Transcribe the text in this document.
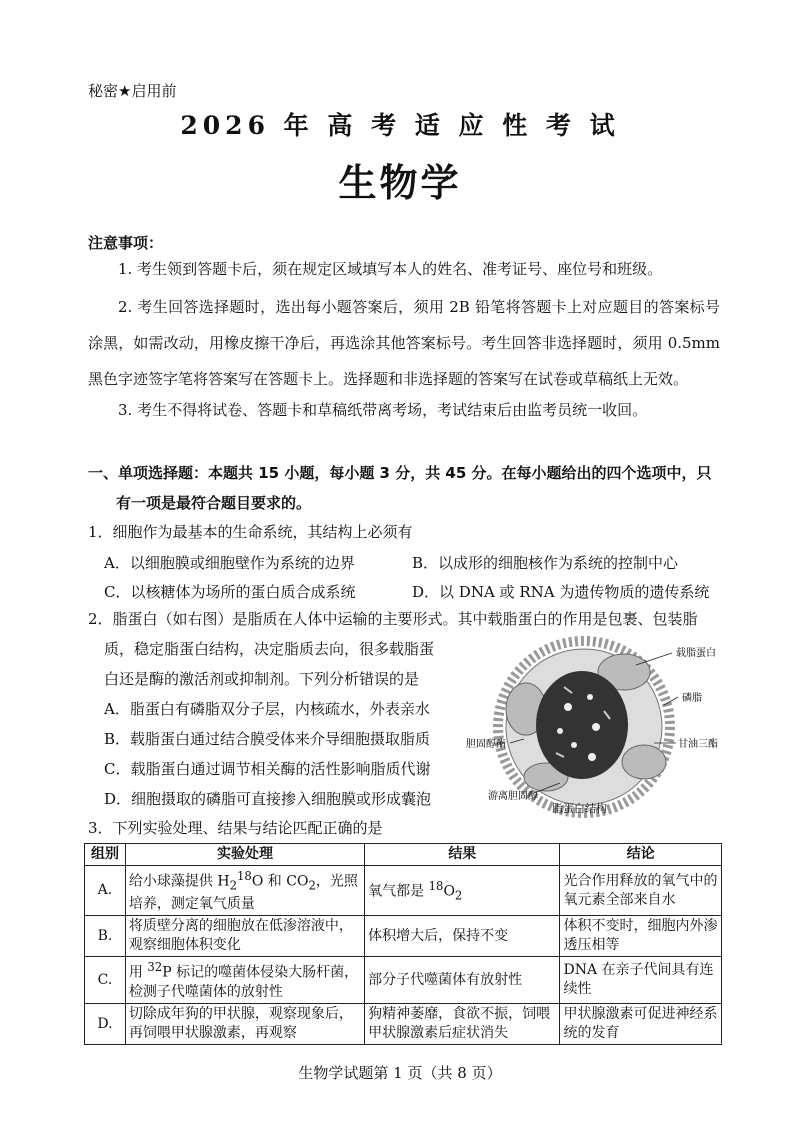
秘密★启用前
2026 年 高 考 适 应 性 考 试
生物学
注意事项：
1. 考生领到答题卡后，须在规定区域填写本人的姓名、准考证号、座位号和班级。
2. 考生回答选择题时，选出每小题答案后，须用 2B 铅笔将答题卡上对应题目的答案标号涂黑，如需改动，用橡皮擦干净后，再选涂其他答案标号。考生回答非选择题时，须用 0.5mm 黑色字迹签字笔将答案写在答题卡上。选择题和非选择题的答案写在试卷或草稿纸上无效。
3. 考生不得将试卷、答题卡和草稿纸带离考场，考试结束后由监考员统一收回。
一、单项选择题：本题共 15 小题，每小题 3 分，共 45 分。在每小题给出的四个选项中，只
有一项是最符合题目要求的。
1．细胞作为最基本的生命系统，其结构上必须有
A．以细胞膜或细胞壁作为系统的边界	B．以成形的细胞核作为系统的控制中心
C．以核糖体为场所的蛋白质合成系统	D．以 DNA 或 RNA 为遗传物质的遗传系统
2．脂蛋白（如右图）是脂质在人体中运输的主要形式。其中载脂蛋白的作用是包裹、包装脂
质，稳定脂蛋白结构，决定脂质去向，很多载脂蛋
白还是酶的激活剂或抑制剂。下列分析错误的是
A．脂蛋白有磷脂双分子层，内核疏水，外表亲水
B．载脂蛋白通过结合膜受体来介导细胞摄取脂质
C．载脂蛋白通过调节相关酶的活性影响脂质代谢
D．细胞摄取的磷脂可直接掺入细胞膜或形成囊泡
载脂蛋白
磷脂
甘油三酯
胆固醇酯
游离胆固醇
脂蛋白结构
3．下列实验处理、结果与结论匹配正确的是
组别	实验处理	结果	结论
A.	给小球藻提供 $H_2^{18}O$ 和 $CO_2$，光照培养，测定氧气质量	氧气都是 $^{18}O_2$	光合作用释放的氧气中的氧元素全部来自水
B.	将质壁分离的细胞放在低渗溶液中，观察细胞体积变化	体积增大后，保持不变	体积不变时，细胞内外渗透压相等
C.	用 $^{32}$P 标记的噬菌体侵染大肠杆菌，检测子代噬菌体的放射性	部分子代噬菌体有放射性	DNA 在亲子代间具有连续性
D.	切除成年狗的甲状腺，观察现象后，再饲喂甲状腺激素，再观察	狗精神萎靡，食欲不振，饲喂甲状腺激素后症状消失	甲状腺激素可促进神经系统的发育
生物学试题第 1 页（共 8 页）
